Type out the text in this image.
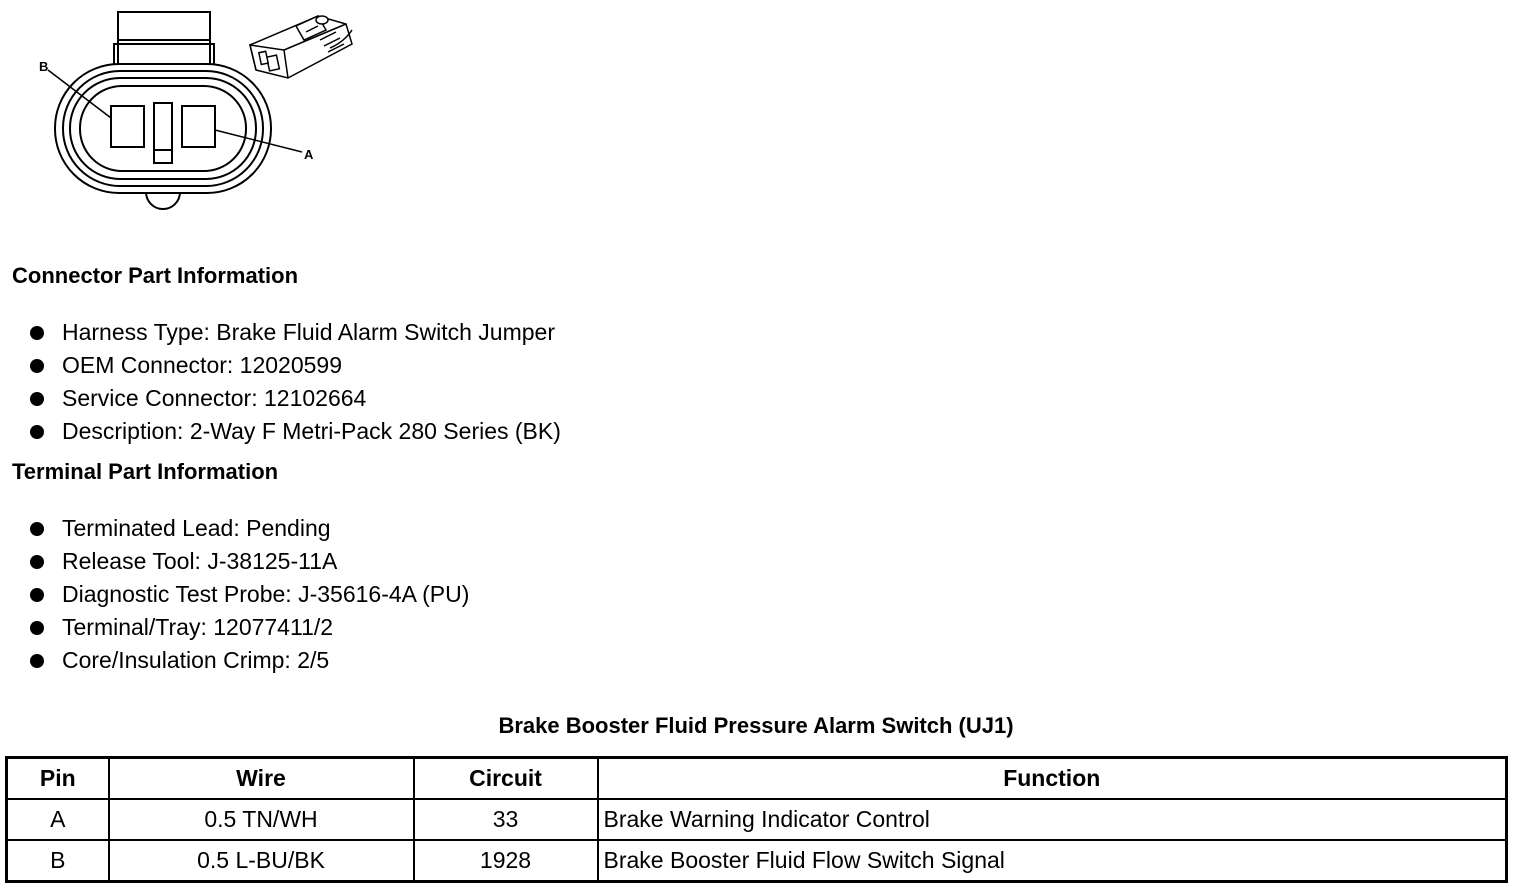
B
A
Connector Part Information
Harness Type: Brake Fluid Alarm Switch Jumper
OEM Connector: 12020599
Service Connector: 12102664
Description: 2-Way F Metri-Pack 280 Series (BK)
Terminal Part Information
Terminated Lead: Pending
Release Tool: J-38125-11A
Diagnostic Test Probe: J-35616-4A (PU)
Terminal/Tray: 12077411/2
Core/Insulation Crimp: 2/5
Brake Booster Fluid Pressure Alarm Switch (UJ1)
Pin	Wire	Circuit	Function
A	0.5 TN/WH	33	Brake Warning Indicator Control
B	0.5 L-BU/BK	1928	Brake Booster Fluid Flow Switch Signal
